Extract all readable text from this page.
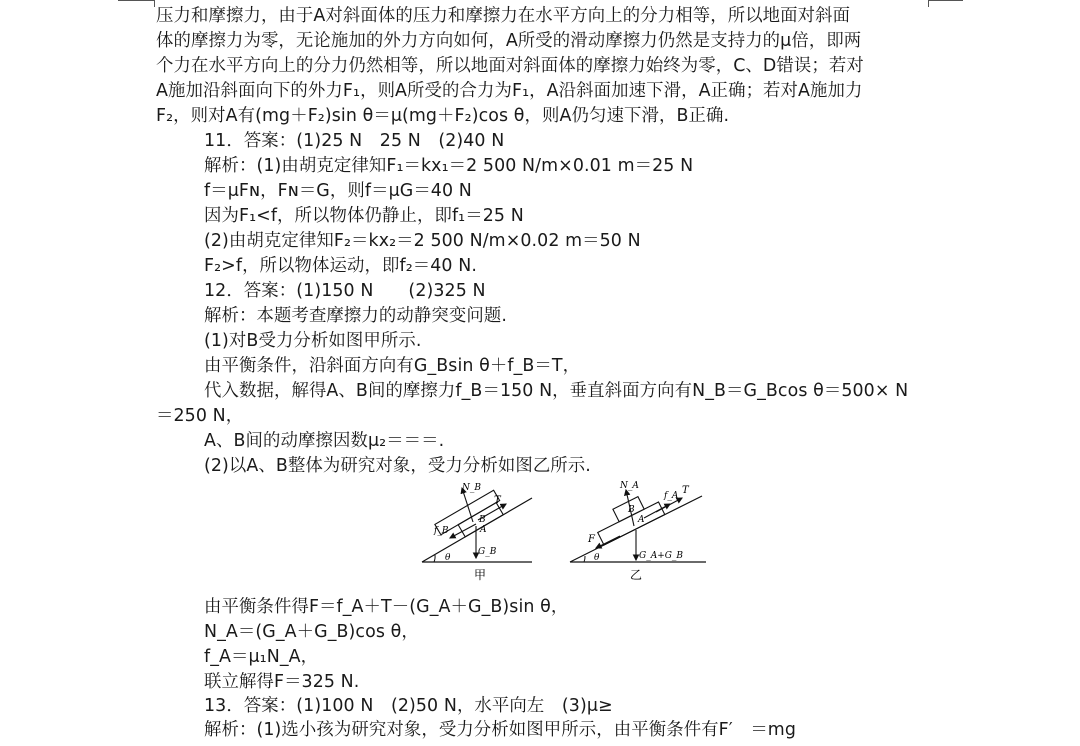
压力和摩擦力，由于A对斜面体的压力和摩擦力在水平方向上的分力相等，所以地面对斜面
体的摩擦力为零，无论施加的外力方向如何，A所受的滑动摩擦力仍然是支持力的μ倍，即两
个力在水平方向上的分力仍然相等，所以地面对斜面体的摩擦力始终为零，C、D错误；若对
A施加沿斜面向下的外力F₁，则A所受的合力为F₁，A沿斜面加速下滑，A正确；若对A施加力
F₂，则对A有(mg＋F₂)sin θ＝μ(mg＋F₂)cos θ，则A仍匀速下滑，B正确.
11．答案：(1)25 N　25 N　(2)40 N
解析：(1)由胡克定律知F₁＝kx₁＝2 500 N/m×0.01 m＝25 N
f＝μFɴ，Fɴ＝G，则f＝μG＝40 N
因为F₁<f，所以物体仍静止，即f₁＝25 N
(2)由胡克定律知F₂＝kx₂＝2 500 N/m×0.02 m＝50 N
F₂>f，所以物体运动，即f₂＝40 N.
12．答案：(1)150 N　　(2)325 N
解析：本题考查摩擦力的动静突变问题.
(1)对B受力分析如图甲所示.
由平衡条件，沿斜面方向有G_Bsin θ＋f_B＝T，
代入数据，解得A、B间的摩擦力f_B＝150 N，垂直斜面方向有N_B＝G_Bcos θ＝500× N
＝250 N，
A、B间的动摩擦因数μ₂＝＝＝.
(2)以A、B整体为研究对象，受力分析如图乙所示.
N_B
T
f_B
B
A
θ
G_B
甲
N_A
f_A T
B
A
F
θ	G_A+G_B
乙
由平衡条件得F＝f_A＋T－(G_A＋G_B)sin θ，
N_A＝(G_A＋G_B)cos θ，
f_A＝μ₁N_A，
联立解得F＝325 N.
13．答案：(1)100 N　(2)50 N，水平向左　(3)μ≥
解析：(1)选小孩为研究对象，受力分析如图甲所示，由平衡条件有F′　＝mg
